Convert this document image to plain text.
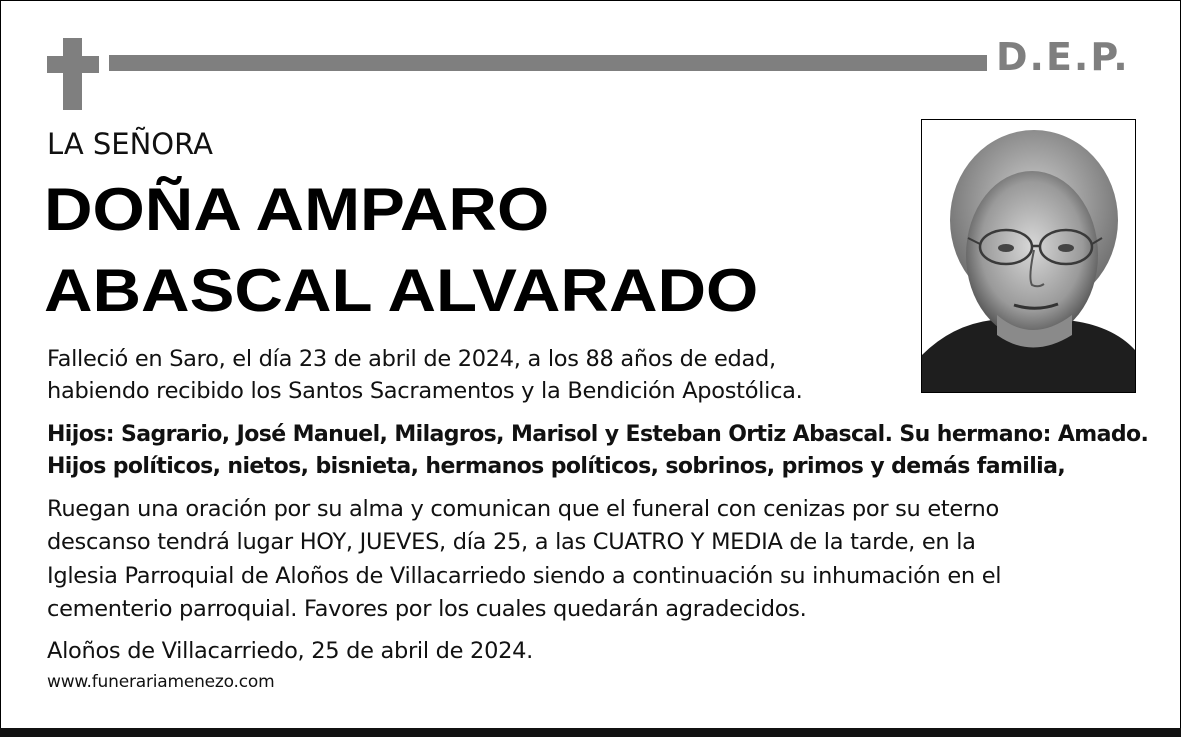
D.E.P.
LA SEÑORA
DOÑA AMPARO
ABASCAL ALVARADO
Falleció en Saro, el día 23 de abril de 2024, a los 88 años de edad,
habiendo recibido los Santos Sacramentos y la Bendición Apostólica.
Hijos: Sagrario, José Manuel, Milagros, Marisol y Esteban Ortiz Abascal. Su hermano: Amado.
Hijos políticos, nietos, bisnieta, hermanos políticos, sobrinos, primos y demás familia,
Ruegan una oración por su alma y comunican que el funeral con cenizas por su eterno
descanso tendrá lugar HOY, JUEVES, día 25, a las CUATRO Y MEDIA de la tarde, en la
Iglesia Parroquial de Aloños de Villacarriedo siendo a continuación su inhumación en el
cementerio parroquial. Favores por los cuales quedarán agradecidos.
Aloños de Villacarriedo, 25 de abril de 2024.
www.funerariamenezo.com
